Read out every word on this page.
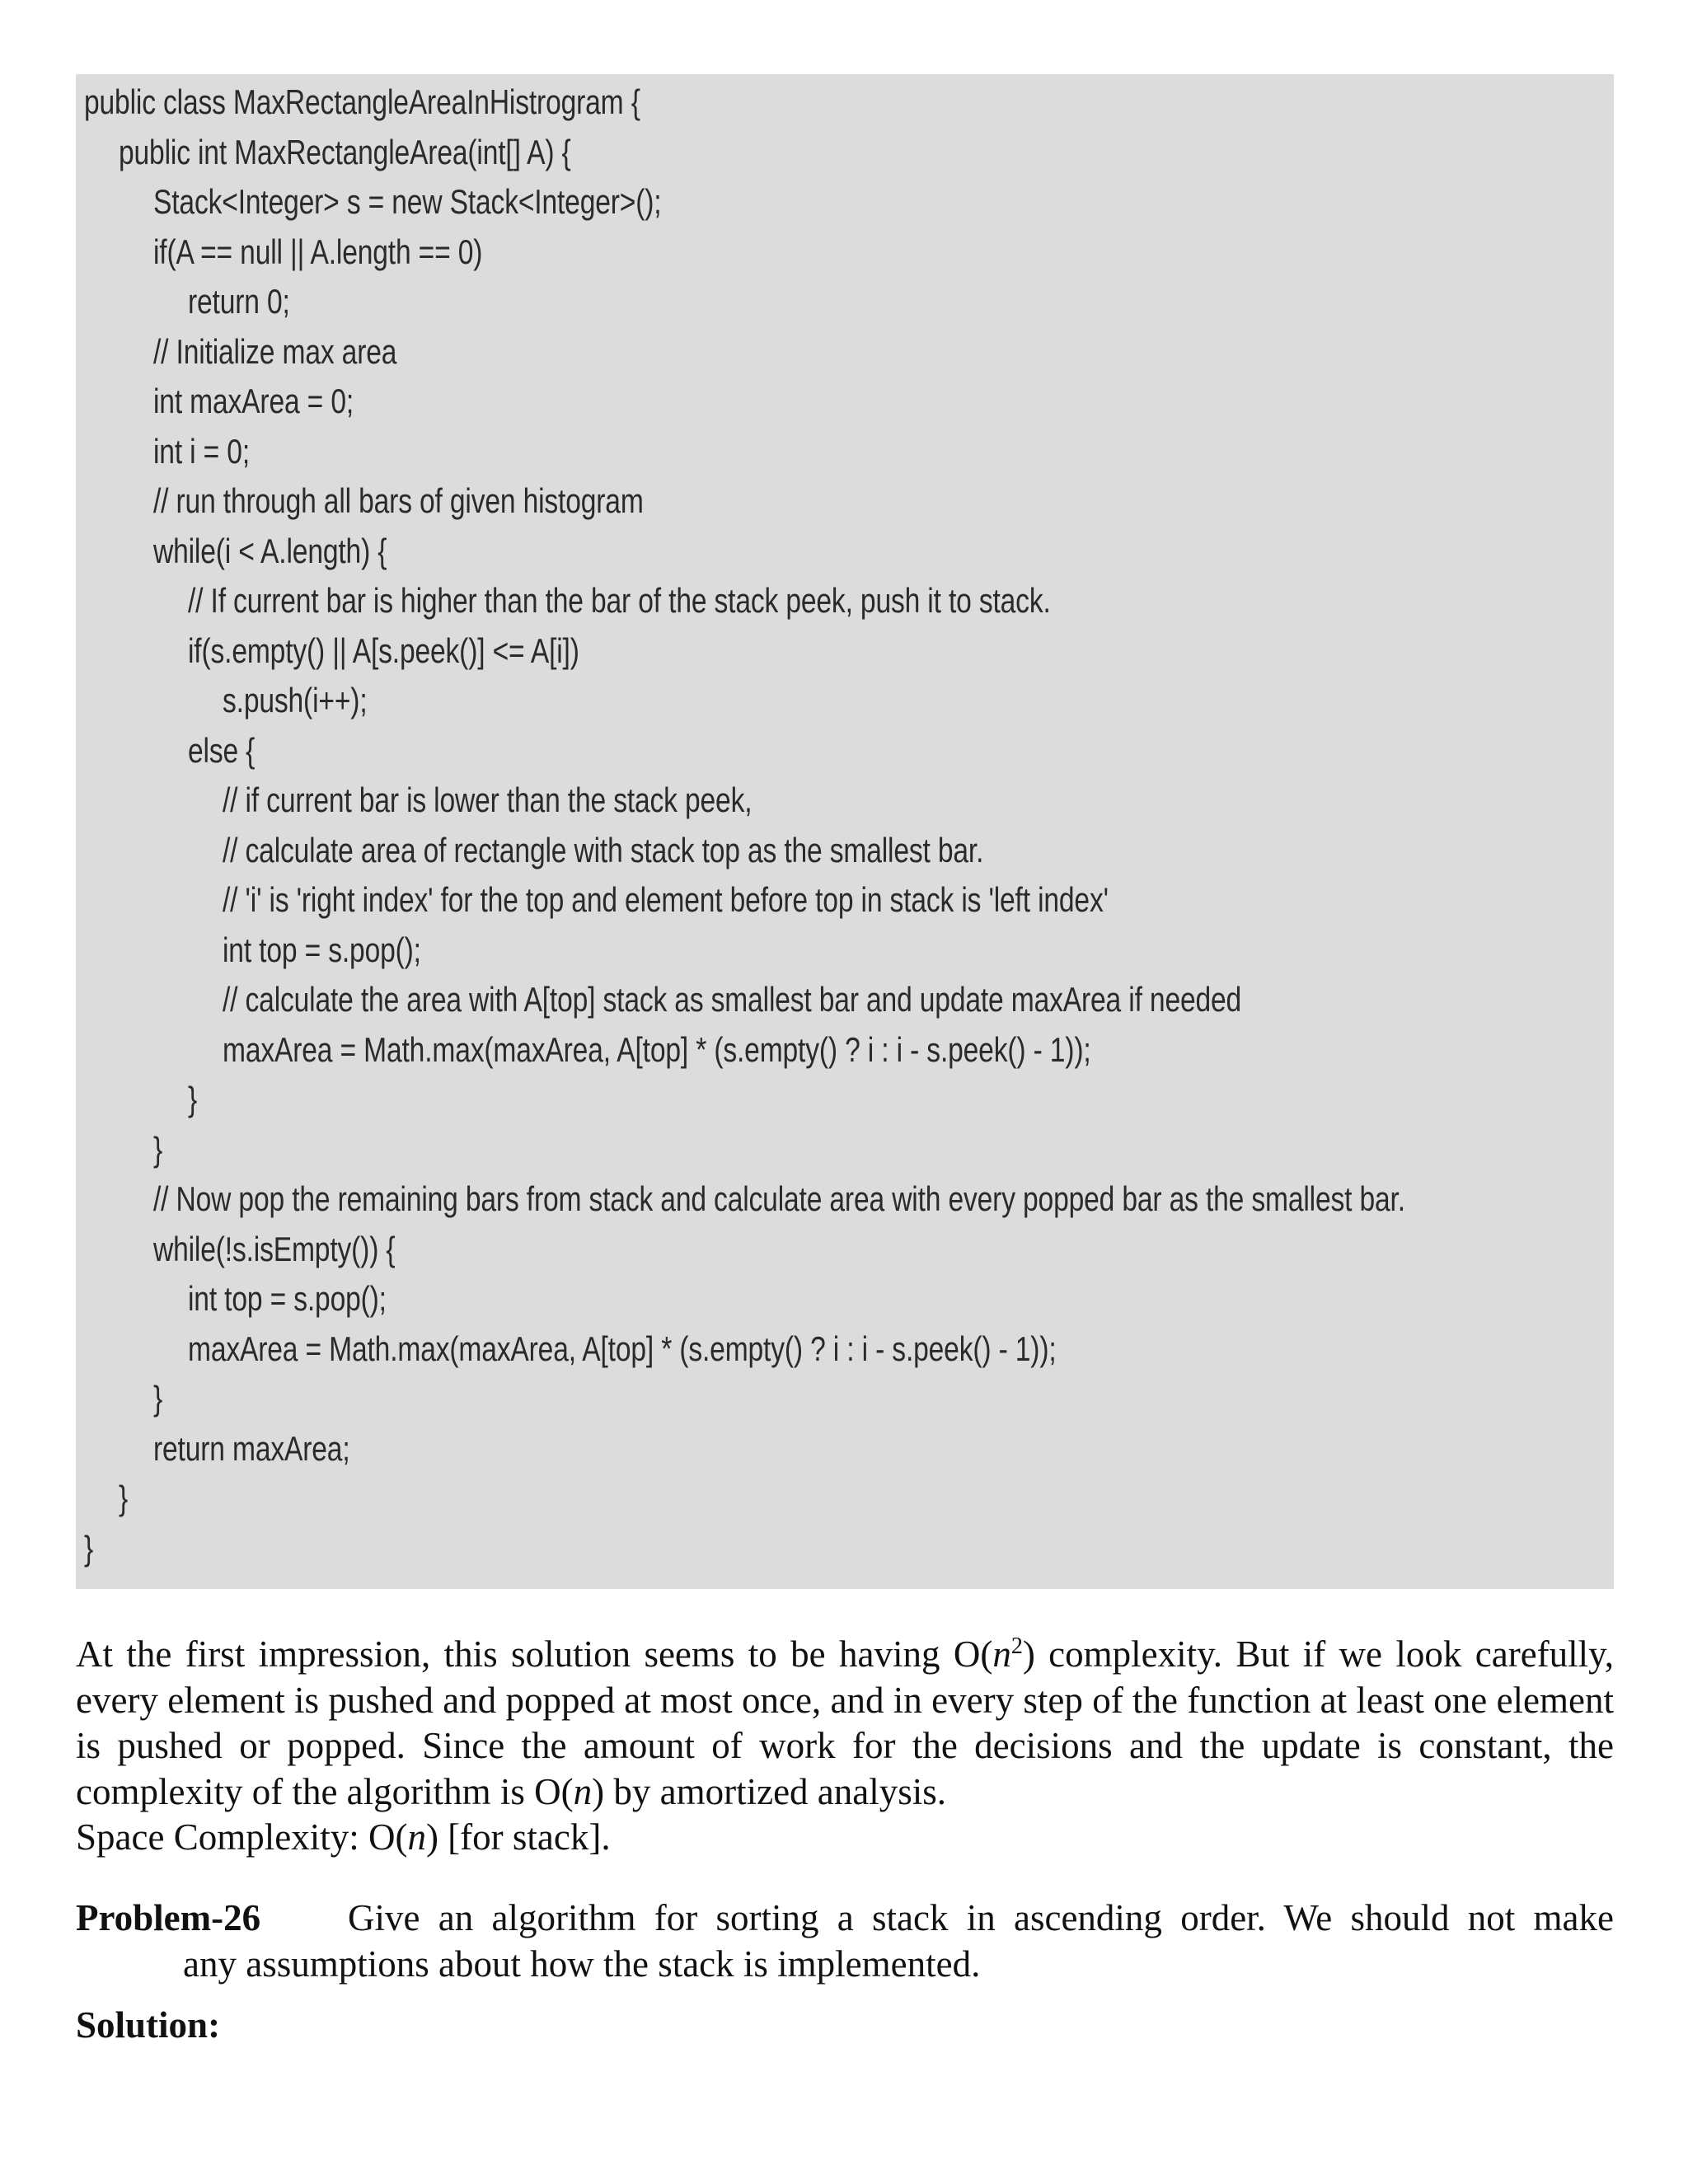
public class MaxRectangleAreaInHistrogram {
public int MaxRectangleArea(int[] A) {
Stack<Integer> s = new Stack<Integer>();
if(A == null || A.length == 0)
return 0;
// Initialize max area
int maxArea = 0;
int i = 0;
// run through all bars of given histogram
while(i < A.length) {
// If current bar is higher than the bar of the stack peek, push it to stack.
if(s.empty() || A[s.peek()] <= A[i])
s.push(i++);
else {
// if current bar is lower than the stack peek,
// calculate area of rectangle with stack top as the smallest bar.
// 'i' is 'right index' for the top and element before top in stack is 'left index'
int top = s.pop();
// calculate the area with A[top] stack as smallest bar and update maxArea if needed
maxArea = Math.max(maxArea, A[top] * (s.empty() ? i : i - s.peek() - 1));
}
}
// Now pop the remaining bars from stack and calculate area with every popped bar as the smallest bar.
while(!s.isEmpty()) {
int top = s.pop();
maxArea = Math.max(maxArea, A[top] * (s.empty() ? i : i - s.peek() - 1));
}
return maxArea;
}
}

At the first impression, this solution seems to be having $O(n^2)$ complexity. But if we look carefully, every element is pushed and popped at most once, and in every step of the function at least one element is pushed or popped. Since the amount of work for the decisions and the update is constant, the complexity of the algorithm is O(n) by amortized analysis.

Space Complexity: O(n) [for stack].
Problem-26	Give an algorithm for sorting a stack in ascending order. We should not make
any assumptions about how the stack is implemented.
Solution:
